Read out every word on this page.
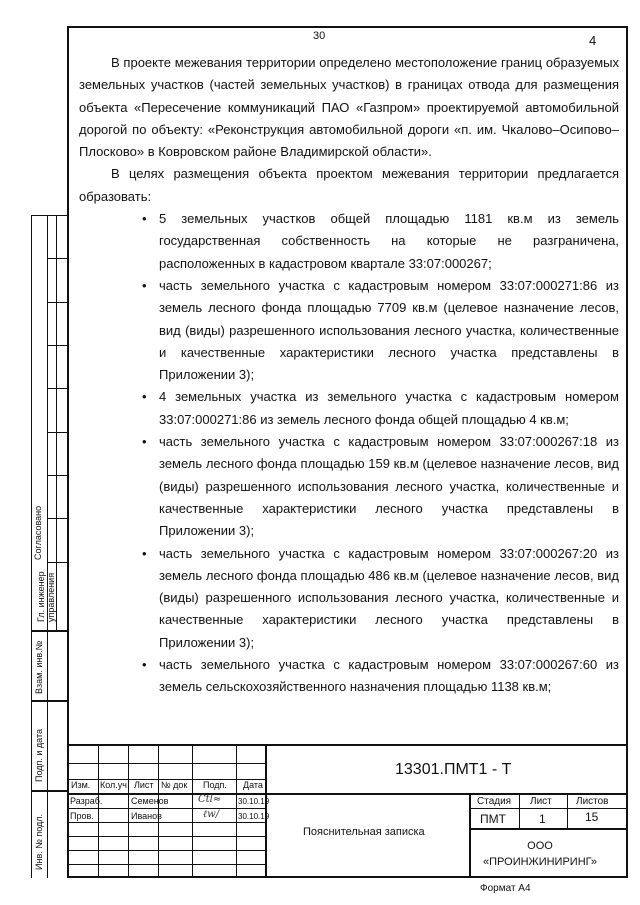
30	4

В проекте межевания территории определено местоположение границ образуемых земельных участков (частей земельных участков) в границах отвода для размещения объекта «Пересечение коммуникаций ПАО «Газпром» проектируемой автомобильной дорогой по объекту: «Реконструкция автомобильной дороги «п. им. Чкалово–Осипово–Плосково» в Ковровском районе Владимирской области».

В целях размещения объекта проектом межевания территории предлагается образовать:

• 5 земельных участков общей площадью 1181 кв.м из земель государственная собственность на которые не разграничена, расположенных в кадастровом квартале 33:07:000267;
• часть земельного участка с кадастровым номером 33:07:000271:86 из земель лесного фонда площадью 7709 кв.м (целевое назначение лесов, вид (виды) разрешенного использования лесного участка, количественные и качественные характеристики лесного участка представлены в Приложении 3);
• 4 земельных участка из земельного участка с кадастровым номером 33:07:000271:86 из земель лесного фонда общей площадью 4 кв.м;
• часть земельного участка с кадастровым номером 33:07:000267:18 из земель лесного фонда площадью 159 кв.м (целевое назначение лесов, вид (виды) разрешенного использования лесного участка, количественные и качественные характеристики лесного участка представлены в Приложении 3);
• часть земельного участка с кадастровым номером 33:07:000267:20 из земель лесного фонда площадью 486 кв.м (целевое назначение лесов, вид (виды) разрешенного использования лесного участка, количественные и качественные характеристики лесного участка представлены в Приложении 3);
• часть земельного участка с кадастровым номером 33:07:000267:60 из земель сельскохозяйственного назначения площадью 1138 кв.м;
Согласовано
Гл. инженер управления
Взам. инв.№
Подп. и дата
Инв. № подл.
13301.ПМТ1 - Т
Изм. Кол.уч. Лист № док Подп. Дата
Разраб.	Семенов	Ctl≈ 30.10.19
Пров.	Иванов	ℓw/ 30.10.19
Пояснительная записка
Стадия Лист Листов
ПМТ	1	15
ООО
«ПРОИНЖИНИРИНГ»
Формат А4
